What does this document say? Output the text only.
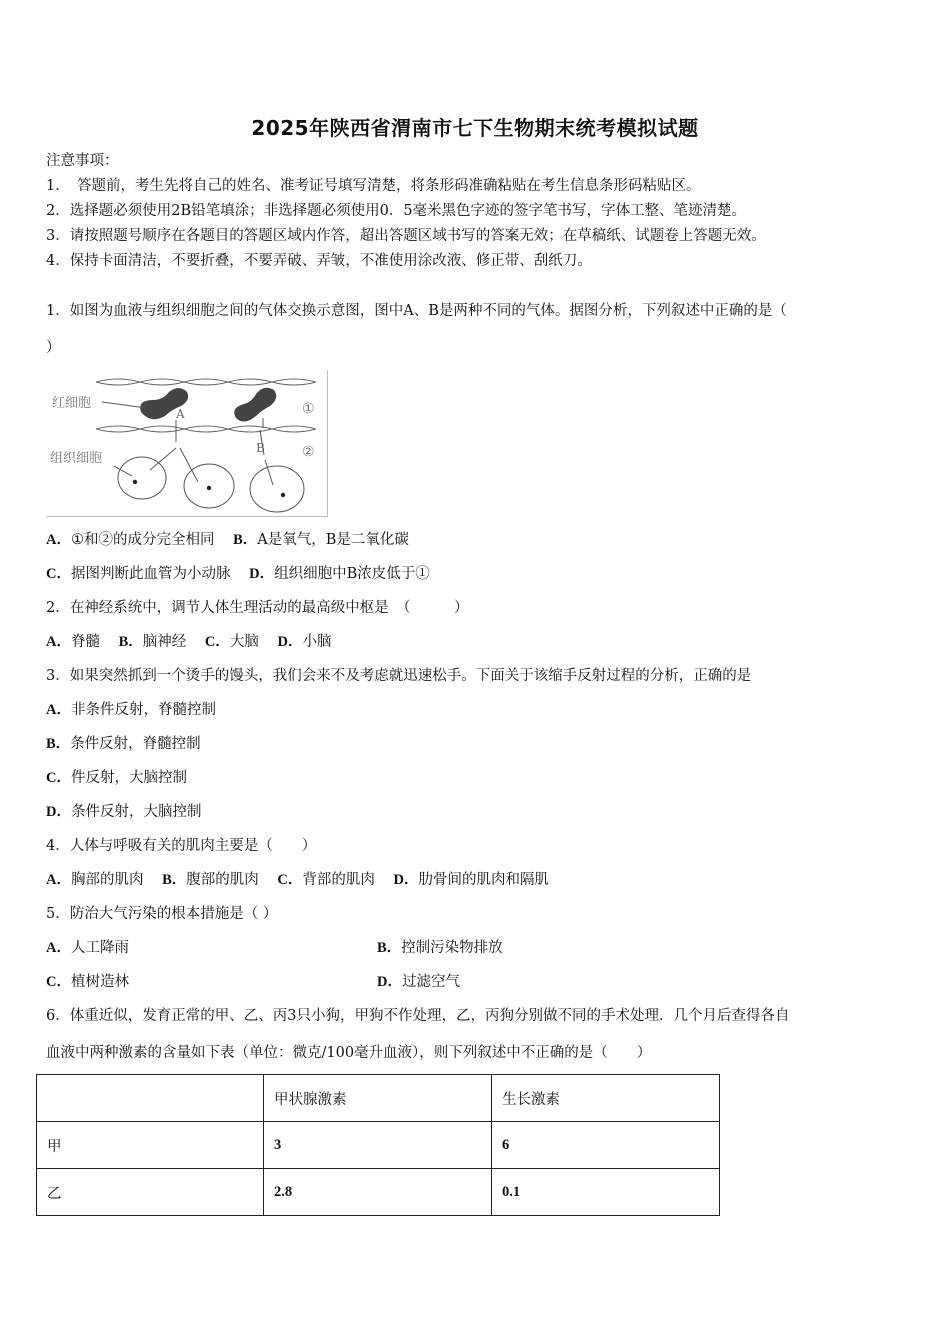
2025年陕西省渭南市七下生物期末统考模拟试题
注意事项：
1．　答题前，考生先将自己的姓名、准考证号填写清楚，将条形码准确粘贴在考生信息条形码粘贴区。
2．选择题必须使用2B铅笔填涂；非选择题必须使用0．5毫米黑色字迹的签字笔书写，字体工整、笔迹清楚。
3．请按照题号顺序在各题目的答题区域内作答，超出答题区域书写的答案无效；在草稿纸、试题卷上答题无效。
4．保持卡面清洁，不要折叠，不要弄破、弄皱，不准使用涂改液、修正带、刮纸刀。
1．如图为血液与组织细胞之间的气体交换示意图，图中A、B是两种不同的气体。据图分析，下列叙述中正确的是（
）
红细胞
组织细胞
A
B
①
②
A．①和②的成分完全相同 B．A是氧气，B是二氧化碳
C．据图判断此血管为小动脉 D．组织细胞中B浓皮低于①
2．在神经系统中，调节人体生理活动的最高级中枢是　（　　　）
A．脊髓 B．脑神经 C．大脑 D．小脑
3．如果突然抓到一个烫手的馒头，我们会来不及考虑就迅速松手。下面关于该缩手反射过程的分析，正确的是
A．非条件反射，脊髓控制
B．条件反射，脊髓控制
C．件反射，大脑控制
D．条件反射，大脑控制
4．人体与呼吸有关的肌肉主要是（　　）
A．胸部的肌肉 B．腹部的肌肉 C．背部的肌肉 D．肋骨间的肌肉和隔肌
5．防治大气污染的根本措施是（ ）
A．人工降雨	B．控制污染物排放
C．植树造林	D．过滤空气
6．体重近似，发育正常的甲、乙、丙3只小狗，甲狗不作处理，乙，丙狗分别做不同的手术处理．几个月后查得各自
血液中两种激素的含量如下表（单位：微克/100毫升血液），则下列叙述中不正确的是（　　）
	甲状腺激素	生长激素
甲	3	6
乙	2.8	0.1
